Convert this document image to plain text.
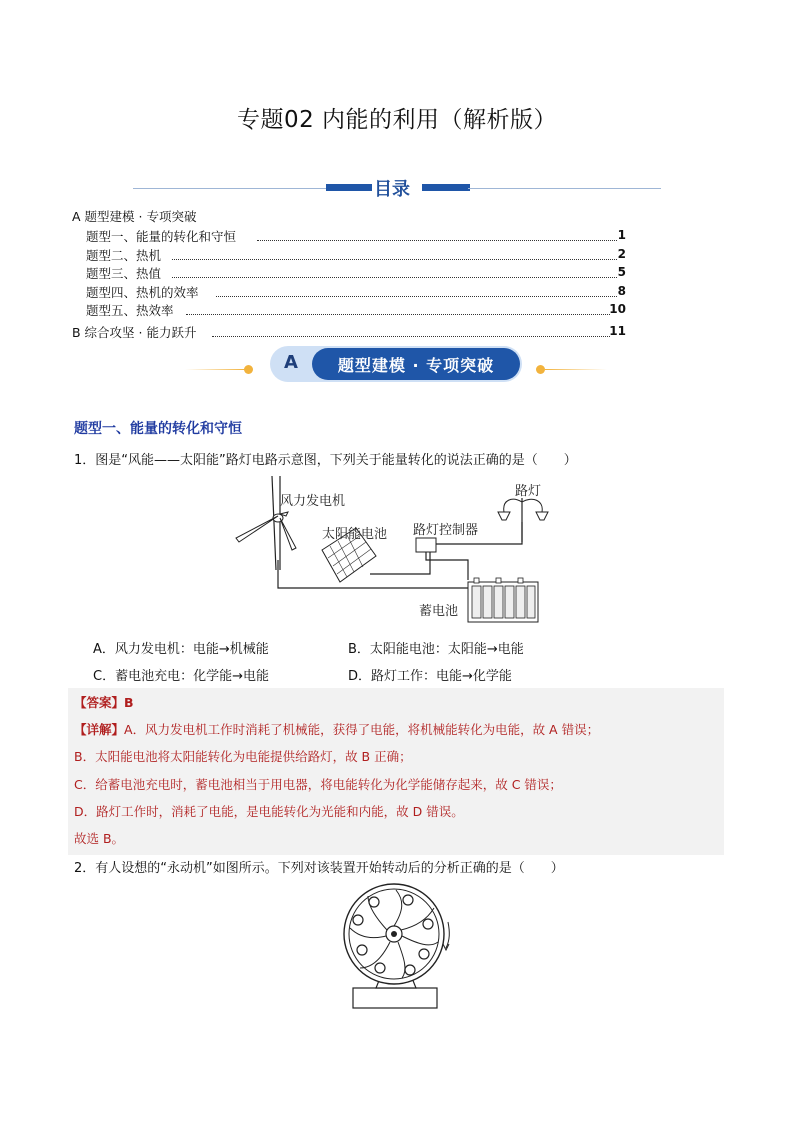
专题02 内能的利用（解析版）
目录
A 题型建模 · 专项突破
题型一、能量的转化和守恒	1
题型二、热机	2
题型三、热值	5
题型四、热机的效率	8
题型五、热效率	10
B 综合攻坚 · 能力跃升	11
A	题型建模 · 专项突破
题型一、能量的转化和守恒
1．图是“风能——太阳能”路灯电路示意图，下列关于能量转化的说法正确的是（　　）
风力发电机
太阳能电池 路灯控制器
路灯
蓄电池
A．风力发电机：电能→机械能	B．太阳能电池：太阳能→电能
C．蓄电池充电：化学能→电能	D．路灯工作：电能→化学能
【答案】B
【详解】A．风力发电机工作时消耗了机械能，获得了电能，将机械能转化为电能，故 A 错误；
B．太阳能电池将太阳能转化为电能提供给路灯，故 B 正确；
C．给蓄电池充电时，蓄电池相当于用电器，将电能转化为化学能储存起来，故 C 错误；
D．路灯工作时，消耗了电能，是电能转化为光能和内能，故 D 错误。
故选 B。
2．有人设想的“永动机”如图所示。下列对该装置开始转动后的分析正确的是（　　）
